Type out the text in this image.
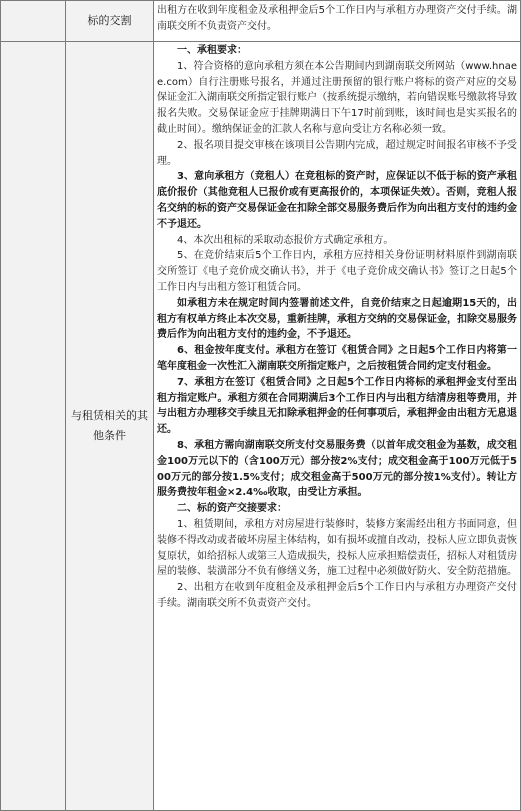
标的交割

出租方在收到年度租金及承租押金后5个工作日内与承租方办理资产交付手续。湖南联交所不负责资产交付。

与租赁相关的其他条件

一、承租要求：

1、符合资格的意向承租方须在本公告期间内到湖南联交所网站（www.hnaee.com）自行注册账号报名，并通过注册预留的银行账户将标的资产对应的交易保证金汇入湖南联交所指定银行账户（按系统提示缴纳，若向错误账号缴款将导致报名失败。交易保证金应于挂牌期满日下午17时前到账，该时间也是实买报名的截止时间）。缴纳保证金的汇款人名称与意向受让方名称必须一致。

2、报名项目提交审核在该项目公告期内完成，超过规定时间报名审核不予受理。

3、意向承租方（竞租人）在竞租标的资产时，应保证以不低于标的资产承租底价报价（其他竞租人已报价或有更高报价的，本项保证失效）。否则，竞租人报名交纳的标的资产交易保证金在扣除全部交易服务费后作为向出租方支付的违约金不予退还。

4、本次出租标的采取动态报价方式确定承租方。

5、在竞价结束后5个工作日内，承租方应持相关身份证明材料原件到湖南联交所签订《电子竞价成交确认书》，并于《电子竞价成交确认书》签订之日起5个工作日内与出租方签订租赁合同。

如承租方未在规定时间内签署前述文件，自竞价结束之日起逾期15天的，出租方有权单方终止本次交易，重新挂牌，承租方交纳的交易保证金，扣除交易服务费后作为向出租方支付的违约金，不予退还。

6、租金按年度支付。承租方在签订《租赁合同》之日起5个工作日内将第一笔年度租金一次性汇入湖南联交所指定账户，之后按租赁合同约定支付租金。

7、承租方在签订《租赁合同》之日起5个工作日内将标的承租押金支付至出租方指定账户。承租方须在合同期满后3个工作日内与出租方结清房租等费用，并与出租方办理移交手续且无扣除承租押金的任何事项后，承租押金由出租方无息退还。

8、承租方需向湖南联交所支付交易服务费（以首年成交租金为基数，成交租金100万元以下的（含100万元）部分按2%支付；成交租金高于100万元低于500万元的部分按1.5%支付；成交租金高于500万元的部分按1%支付）。转让方服务费按年租金×2.4‰收取，由受让方承担。

二、标的资产交接要求：

1、租赁期间，承租方对房屋进行装修时，装修方案需经出租方书面同意，但装修不得改动或者破坏房屋主体结构，如有损坏或擅自改动，投标人应立即负责恢复原状，如给招标人或第三人造成损失，投标人应承担赔偿责任，招标人对租赁房屋的装修、装潢部分不负有修缮义务，施工过程中必须做好防火、安全防范措施。

2、出租方在收到年度租金及承租押金后5个工作日内与承租方办理资产交付手续。湖南联交所不负责资产交付。
